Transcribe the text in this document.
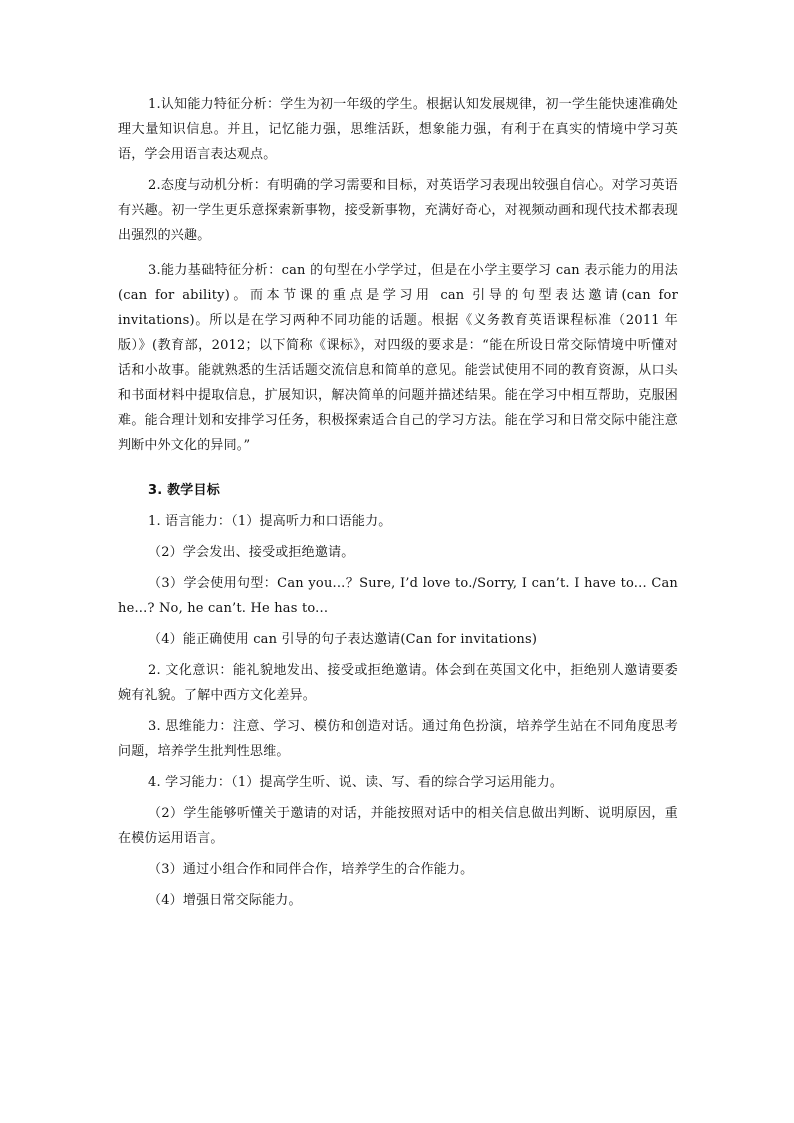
1.认知能力特征分析：学生为初一年级的学生。根据认知发展规律，初一学生能快速准确处理大量知识信息。并且，记忆能力强，思维活跃，想象能力强，有利于在真实的情境中学习英语，学会用语言表达观点。

2.态度与动机分析：有明确的学习需要和目标，对英语学习表现出较强自信心。对学习英语有兴趣。初一学生更乐意探索新事物，接受新事物，充满好奇心，对视频动画和现代技术都表现出强烈的兴趣。

3.能力基础特征分析：can 的句型在小学学过，但是在小学主要学习 can 表示能力的用法(can for ability)。而本节课的重点是学习用 can 引导的句型表达邀请(can for invitations)。所以是在学习两种不同功能的话题。根据《义务教育英语课程标准（2011 年版）》(教育部，2012；以下简称《课标》，对四级的要求是：“能在所设日常交际情境中听懂对话和小故事。能就熟悉的生活话题交流信息和简单的意见。能尝试使用不同的教育资源，从口头和书面材料中提取信息，扩展知识，解决简单的问题并描述结果。能在学习中相互帮助，克服困难。能合理计划和安排学习任务，积极探索适合自己的学习方法。能在学习和日常交际中能注意判断中外文化的异同。”

3. 教学目标

1. 语言能力：（1）提高听力和口语能力。

（2）学会发出、接受或拒绝邀请。

（3）学会使用句型：Can you...？Sure, I’d love to./Sorry, I can’t. I have to... Can he...? No, he can’t. He has to...

（4）能正确使用 can 引导的句子表达邀请(Can for invitations)

2. 文化意识：能礼貌地发出、接受或拒绝邀请。体会到在英国文化中，拒绝别人邀请要委婉有礼貌。了解中西方文化差异。

3. 思维能力：注意、学习、模仿和创造对话。通过角色扮演，培养学生站在不同角度思考问题，培养学生批判性思维。

4. 学习能力：（1）提高学生听、说、读、写、看的综合学习运用能力。

（2）学生能够听懂关于邀请的对话，并能按照对话中的相关信息做出判断、说明原因，重在模仿运用语言。

（3）通过小组合作和同伴合作，培养学生的合作能力。

（4）增强日常交际能力。
